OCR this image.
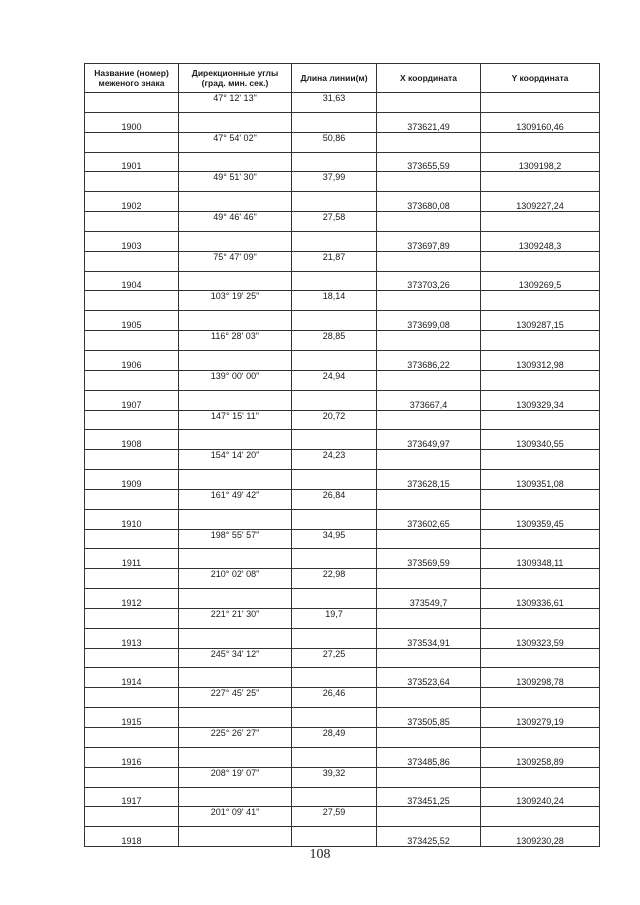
Название (номер) меженого знака	Дирекционные углы (град. мин. сек.)	Длина линии(м)	X координата	Y координата
	47° 12' 13"	31,63		
1900			373621,49	1309160,46
	47° 54' 02"	50,86		
1901			373655,59	1309198,2
	49° 51' 30"	37,99		
1902			373680,08	1309227,24
	49° 46' 46"	27,58		
1903			373697,89	1309248,3
	75° 47' 09"	21,87		
1904			373703,26	1309269,5
	103° 19' 25"	18,14		
1905			373699,08	1309287,15
	116° 28' 03"	28,85		
1906			373686,22	1309312,98
	139° 00' 00"	24,94		
1907			373667,4	1309329,34
	147° 15' 11"	20,72		
1908			373649,97	1309340,55
	154° 14' 20"	24,23		
1909			373628,15	1309351,08
	161° 49' 42"	26,84		
1910			373602,65	1309359,45
	198° 55' 57"	34,95		
1911			373569,59	1309348,11
	210° 02' 08"	22,98		
1912			373549,7	1309336,61
	221° 21' 30"	19,7		
1913			373534,91	1309323,59
	245° 34' 12"	27,25		
1914			373523,64	1309298,78
	227° 45' 25"	26,46		
1915			373505,85	1309279,19
	225° 26' 27"	28,49		
1916			373485,86	1309258,89
	208° 19' 07"	39,32		
1917			373451,25	1309240,24
	201° 09' 41"	27,59		
1918			373425,52	1309230,28
108
